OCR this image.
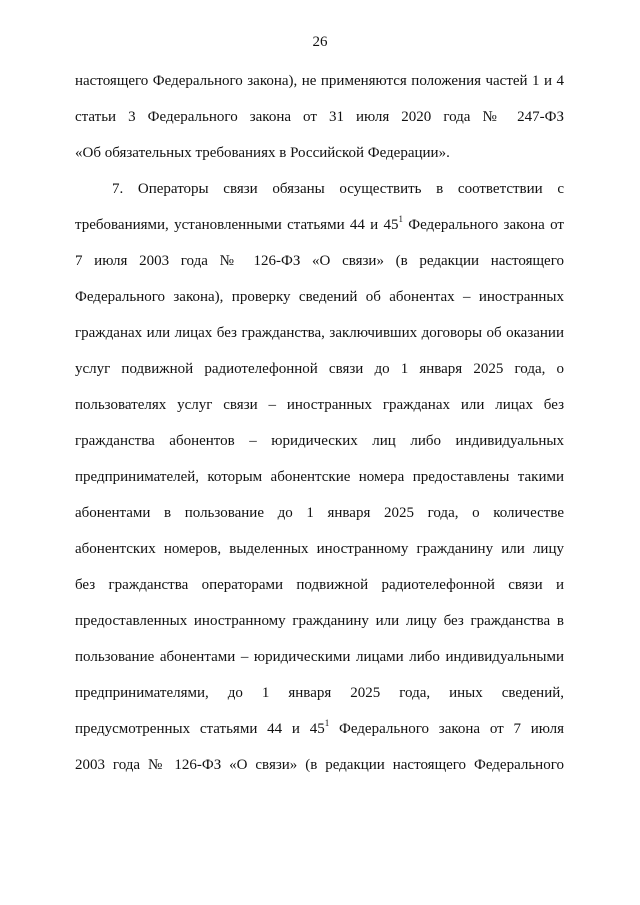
26
настоящего Федерального закона), не применяются положения частей 1 и 4
статьи 3 Федерального закона от 31 июля 2020 года № 247-ФЗ
«Об обязательных требованиях в Российской Федерации».
7. Операторы связи обязаны осуществить в соответствии с
требованиями, установленными статьями 44 и $45^1$ Федерального закона от
7 июля 2003 года № 126-ФЗ «О связи» (в редакции настоящего
Федерального закона), проверку сведений об абонентах – иностранных
гражданах или лицах без гражданства, заключивших договоры об оказании
услуг подвижной радиотелефонной связи до 1 января 2025 года, о
пользователях услуг связи – иностранных гражданах или лицах без
гражданства абонентов – юридических лиц либо индивидуальных
предпринимателей, которым абонентские номера предоставлены такими
абонентами в пользование до 1 января 2025 года, о количестве
абонентских номеров, выделенных иностранному гражданину или лицу
без гражданства операторами подвижной радиотелефонной связи и
предоставленных иностранному гражданину или лицу без гражданства в
пользование абонентами – юридическими лицами либо индивидуальными
предпринимателями, до 1 января 2025 года, иных сведений,
предусмотренных статьями 44 и $45^1$ Федерального закона от 7 июля
2003 года № 126-ФЗ «О связи» (в редакции настоящего Федерального
